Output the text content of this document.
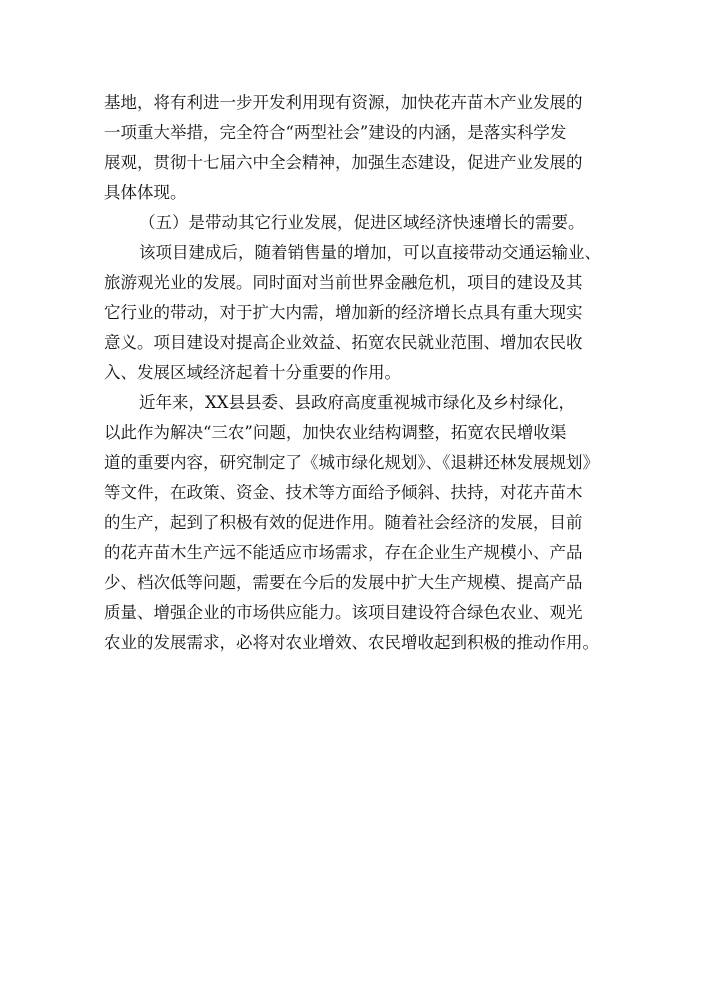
基地，将有利进一步开发利用现有资源，加快花卉苗木产业发展的
一项重大举措，完全符合“两型社会”建设的内涵，是落实科学发
展观，贯彻十七届六中全会精神，加强生态建设，促进产业发展的
具体体现。
（五）是带动其它行业发展，促进区域经济快速增长的需要。
该项目建成后，随着销售量的增加，可以直接带动交通运输业、
旅游观光业的发展。同时面对当前世界金融危机，项目的建设及其
它行业的带动，对于扩大内需，增加新的经济增长点具有重大现实
意义。项目建设对提高企业效益、拓宽农民就业范围、增加农民收
入、发展区域经济起着十分重要的作用。
近年来，XX县县委、县政府高度重视城市绿化及乡村绿化，
以此作为解决“三农”问题，加快农业结构调整，拓宽农民增收渠
道的重要内容，研究制定了《城市绿化规划》、《退耕还林发展规划》
等文件，在政策、资金、技术等方面给予倾斜、扶持，对花卉苗木
的生产，起到了积极有效的促进作用。随着社会经济的发展，目前
的花卉苗木生产远不能适应市场需求，存在企业生产规模小、产品
少、档次低等问题，需要在今后的发展中扩大生产规模、提高产品
质量、增强企业的市场供应能力。该项目建设符合绿色农业、观光
农业的发展需求，必将对农业增效、农民增收起到积极的推动作用。
